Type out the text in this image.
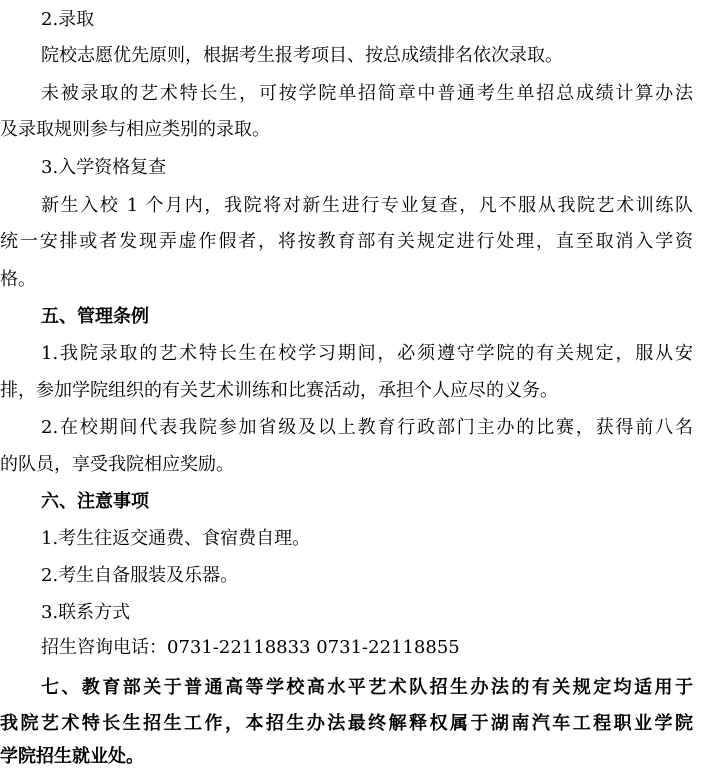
2.录取
院校志愿优先原则，根据考生报考项目、按总成绩排名依次录取。
未被录取的艺术特长生，可按学院单招简章中普通考生单招总成绩计算办法
及录取规则参与相应类别的录取。
3.入学资格复查
新生入校 1 个月内，我院将对新生进行专业复查，凡不服从我院艺术训练队
统一安排或者发现弄虚作假者，将按教育部有关规定进行处理，直至取消入学资
格。
五、管理条例
1.我院录取的艺术特长生在校学习期间，必须遵守学院的有关规定，服从安
排，参加学院组织的有关艺术训练和比赛活动，承担个人应尽的义务。
2.在校期间代表我院参加省级及以上教育行政部门主办的比赛，获得前八名
的队员，享受我院相应奖励。
六、注意事项
1.考生往返交通费、食宿费自理。
2.考生自备服装及乐器。
3.联系方式
招生咨询电话：0731-22118833 0731-22118855
七、教育部关于普通高等学校高水平艺术队招生办法的有关规定均适用于
我院艺术特长生招生工作，本招生办法最终解释权属于湖南汽车工程职业学院
学院招生就业处。
